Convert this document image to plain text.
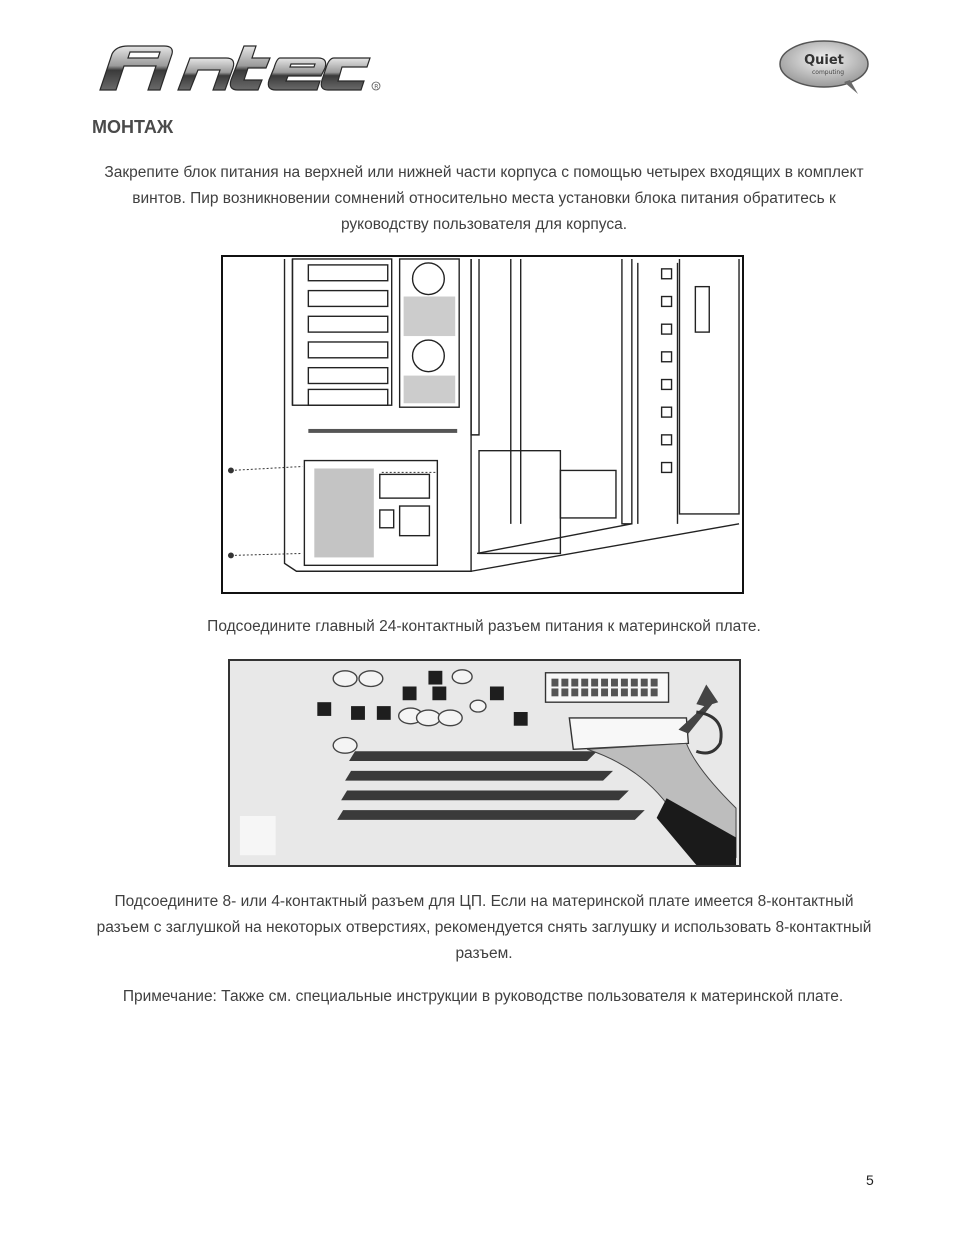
R
Quiet
computing
МОНТАЖ

Закрепите блок питания на верхней или нижней части корпуса с помощью четырех входящих в комплект винтов. Пир возникновении сомнений относительно места установки блока питания обратитесь к руководству пользователя для корпуса.

Подсоедините главный 24-контактный разъем питания к материнской плате.

Подсоедините 8- или 4-контактный разъем для ЦП. Если на материнской плате имеется 8-контактный разъем с заглушкой на некоторых отверстиях, рекомендуется снять заглушку и использовать 8-контактный разъем.

Примечание: Также см. специальные инструкции в руководстве пользователя к материнской плате.

5
